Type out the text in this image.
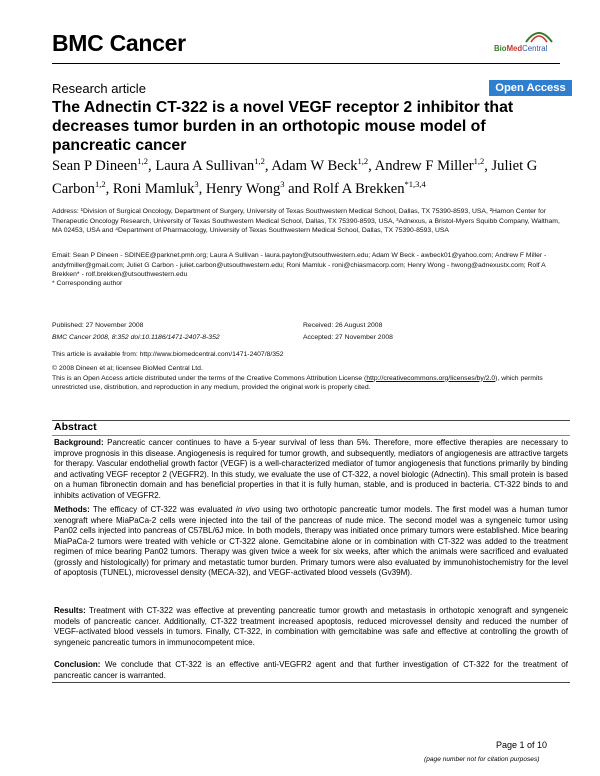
BMC Cancer	BioMedCentral
Research article	Open Access
The Adnectin CT-322 is a novel VEGF receptor 2 inhibitor that decreases tumor burden in an orthotopic mouse model of pancreatic cancer
Sean P Dineen$^{1,2}$, Laura A Sullivan$^{1,2}$, Adam W Beck$^{1,2}$, Andrew F Miller$^{1,2}$, Juliet G Carbon$^{1,2}$, Roni Mamluk$^3$, Henry Wong$^3$ and Rolf A Brekken$^{*1,3,4}$
Address: ¹Division of Surgical Oncology, Department of Surgery, University of Texas Southwestern Medical School, Dallas, TX 75390-8593, USA, ²Hamon Center for Therapeutic Oncology Research, University of Texas Southwestern Medical School, Dallas, TX 75390-8593, USA, ³Adnexus, a Bristol-Myers Squibb Company, Waltham, MA 02453, USA and ⁴Department of Pharmacology, University of Texas Southwestern Medical School, Dallas, TX 75390-8593, USA
Email: Sean P Dineen - SDINEE@parknet.pmh.org; Laura A Sullivan - laura.payton@utsouthwestern.edu; Adam W Beck - awbeck01@yahoo.com; Andrew F Miller - andyfmiller@gmail.com; Juliet G Carbon - juliet.carbon@utsouthwestern.edu; Roni Mamluk - roni@chiasmacorp.com; Henry Wong - hwong@adnexustx.com; Rolf A Brekken* - rolf.brekken@utsouthwestern.edu
* Corresponding author
Published: 27 November 2008
BMC Cancer 2008, 8:352 doi:10.1186/1471-2407-8-352
Received: 26 August 2008
Accepted: 27 November 2008
This article is available from: http://www.biomedcentral.com/1471-2407/8/352
© 2008 Dineen et al; licensee BioMed Central Ltd.
This is an Open Access article distributed under the terms of the Creative Commons Attribution License (http://creativecommons.org/licenses/by/2.0), which permits unrestricted use, distribution, and reproduction in any medium, provided the original work is properly cited.
Abstract
Background: Pancreatic cancer continues to have a 5-year survival of less than 5%. Therefore, more effective therapies are necessary to improve prognosis in this disease. Angiogenesis is required for tumor growth, and subsequently, mediators of angiogenesis are attractive targets for therapy. Vascular endothelial growth factor (VEGF) is a well-characterized mediator of tumor angiogenesis that functions primarily by binding and activating VEGF receptor 2 (VEGFR2). In this study, we evaluate the use of CT-322, a novel biologic (Adnectin). This small protein is based on a human fibronectin domain and has beneficial properties in that it is fully human, stable, and is produced in bacteria. CT-322 binds to and inhibits activation of VEGFR2.
Methods: The efficacy of CT-322 was evaluated in vivo using two orthotopic pancreatic tumor models. The first model was a human tumor xenograft where MiaPaCa-2 cells were injected into the tail of the pancreas of nude mice. The second model was a syngeneic tumor using Pan02 cells injected into pancreas of C57BL/6J mice. In both models, therapy was initiated once primary tumors were established. Mice bearing MiaPaCa-2 tumors were treated with vehicle or CT-322 alone. Gemcitabine alone or in combination with CT-322 was added to the treatment regimen of mice bearing Pan02 tumors. Therapy was given twice a week for six weeks, after which the animals were sacrificed and evaluated (grossly and histologically) for primary and metastatic tumor burden. Primary tumors were also evaluated by immunohistochemistry for the level of apoptosis (TUNEL), microvessel density (MECA-32), and VEGF-activated blood vessels (Gv39M).
Results: Treatment with CT-322 was effective at preventing pancreatic tumor growth and metastasis in orthotopic xenograft and syngeneic models of pancreatic cancer. Additionally, CT-322 treatment increased apoptosis, reduced microvessel density and reduced the number of VEGF-activated blood vessels in tumors. Finally, CT-322, in combination with gemcitabine was safe and effective at controlling the growth of syngeneic pancreatic tumors in immunocompetent mice.
Conclusion: We conclude that CT-322 is an effective anti-VEGFR2 agent and that further investigation of CT-322 for the treatment of pancreatic cancer is warranted.
Page 1 of 10
(page number not for citation purposes)
